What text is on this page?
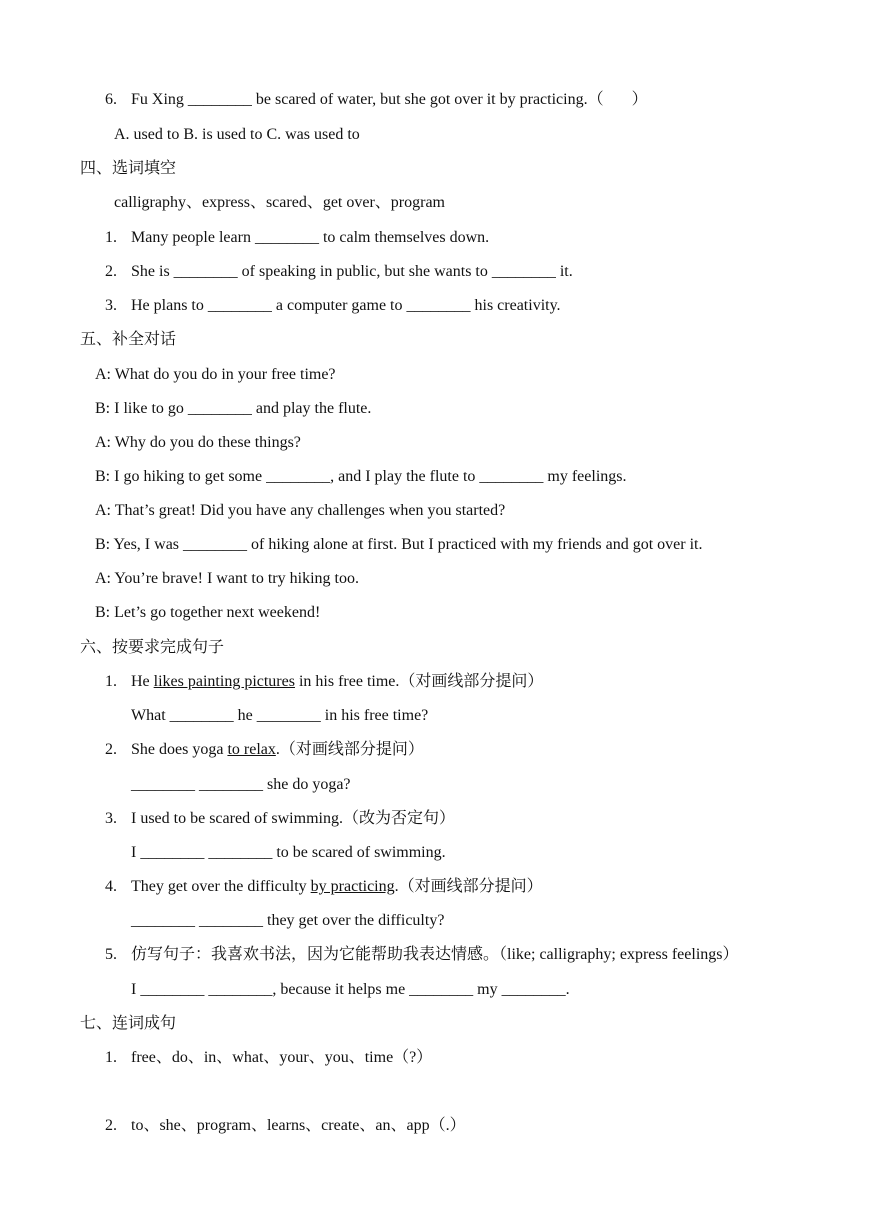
6. Fu Xing ________ be scared of water, but she got over it by practicing.（       ）
A. used to B. is used to C. was used to
四、选词填空
calligraphy、express、scared、get over、program
1. Many people learn ________ to calm themselves down.
2. She is ________ of speaking in public, but she wants to ________ it.
3. He plans to ________ a computer game to ________ his creativity.
五、补全对话
A: What do you do in your free time?
B: I like to go ________ and play the flute.
A: Why do you do these things?
B: I go hiking to get some ________, and I play the flute to ________ my feelings.
A: That’s great! Did you have any challenges when you started?
B: Yes, I was ________ of hiking alone at first. But I practiced with my friends and got over it.
A: You’re brave! I want to try hiking too.
B: Let’s go together next weekend!
六、按要求完成句子
1. He likes painting pictures in his free time.（对画线部分提问）
What ________ he ________ in his free time?
2. She does yoga to relax.（对画线部分提问）
________ ________ she do yoga?
3. I used to be scared of swimming.（改为否定句）
I ________ ________ to be scared of swimming.
4. They get over the difficulty by practicing.（对画线部分提问）
________ ________ they get over the difficulty?
5. 仿写句子：我喜欢书法，因为它能帮助我表达情感。（like; calligraphy; express feelings）
I ________ ________, because it helps me ________ my ________.
七、连词成句
1. free、do、in、what、your、you、time（?）
2. to、she、program、learns、create、an、app（.）
